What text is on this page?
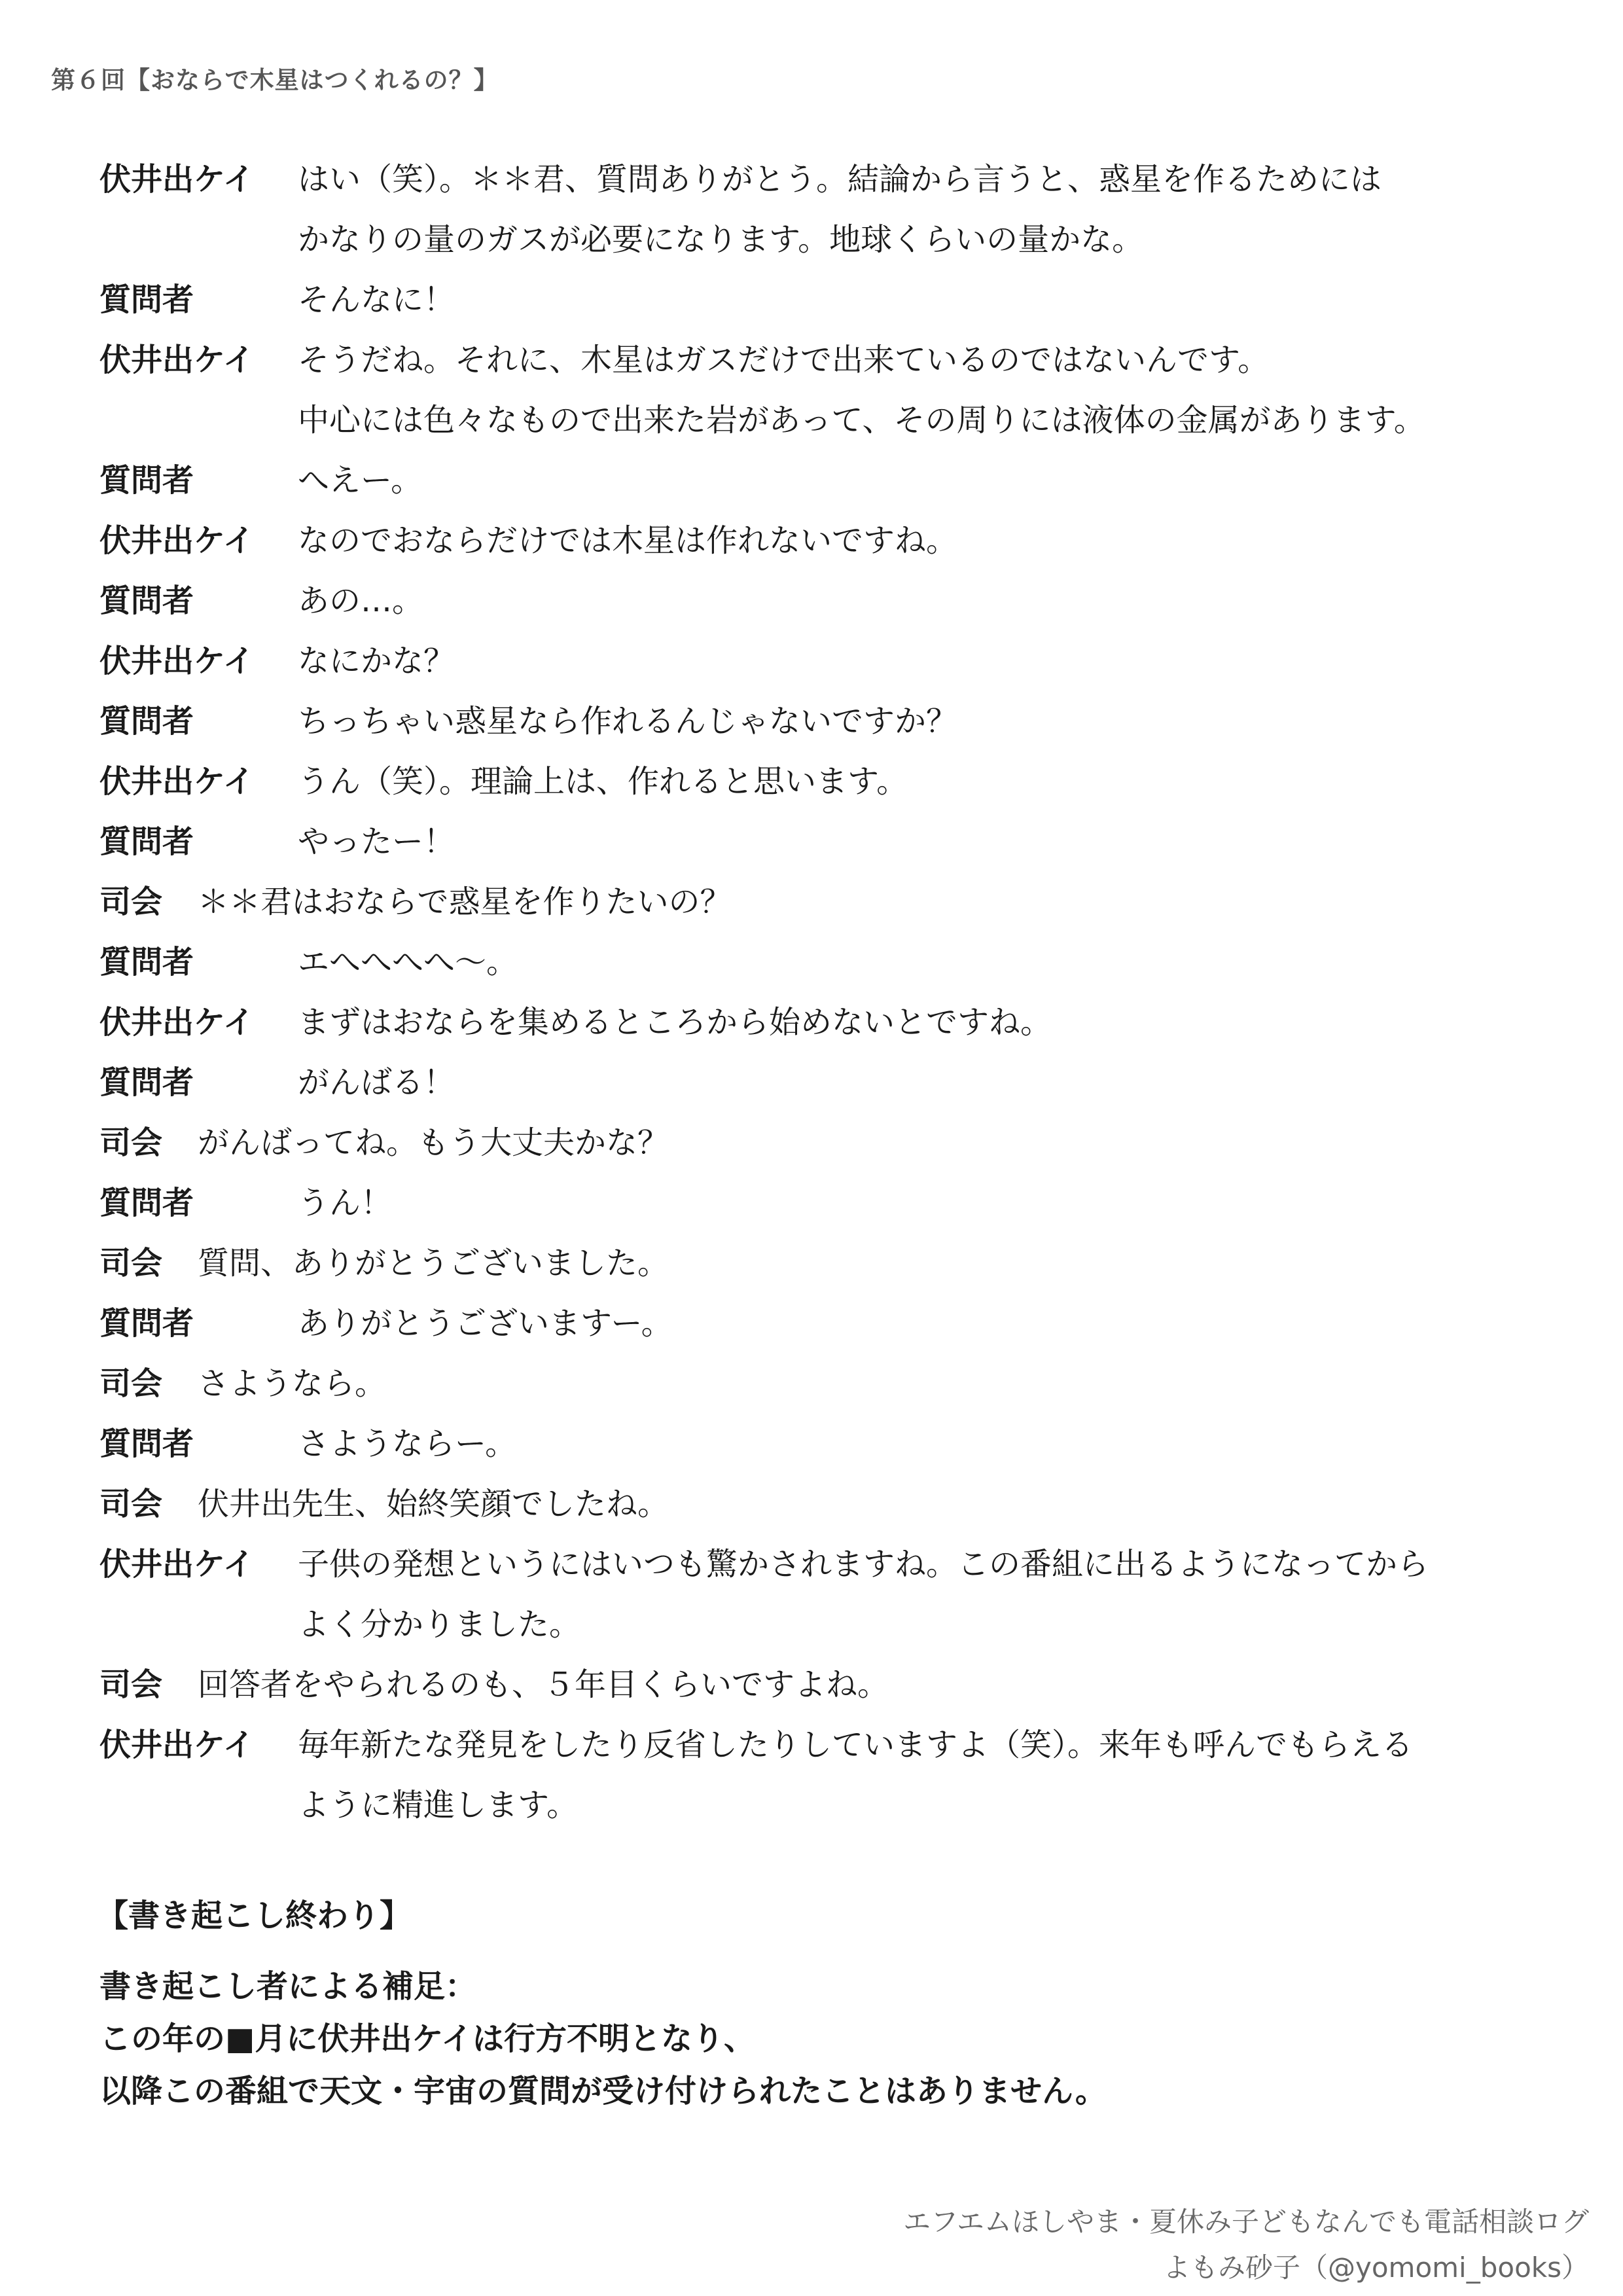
第６回【おならで木星はつくれるの？】
伏井出ケイ	はい（笑）。＊＊君、質問ありがとう。結論から言うと、惑星を作るためには
かなりの量のガスが必要になります。地球くらいの量かな。
質問者	そんなに！
伏井出ケイ	そうだね。それに、木星はガスだけで出来ているのではないんです。
中心には色々なもので出来た岩があって、その周りには液体の金属があります。
質問者	へえー。
伏井出ケイ	なのでおならだけでは木星は作れないですね。
質問者	あの…。
伏井出ケイ	なにかな？
質問者	ちっちゃい惑星なら作れるんじゃないですか？
伏井出ケイ	うん（笑）。理論上は、作れると思います。
質問者	やったー！
司会	＊＊君はおならで惑星を作りたいの？
質問者	エへへへへ〜。
伏井出ケイ	まずはおならを集めるところから始めないとですね。
質問者	がんばる！
司会	がんばってね。もう大丈夫かな？
質問者	うん！
司会	質問、ありがとうございました。
質問者	ありがとうございますー。
司会	さようなら。
質問者	さようならー。
司会	伏井出先生、始終笑顔でしたね。
伏井出ケイ	子供の発想というにはいつも驚かされますね。この番組に出るようになってから
よく分かりました。
司会	回答者をやられるのも、５年目くらいですよね。
伏井出ケイ	毎年新たな発見をしたり反省したりしていますよ（笑）。来年も呼んでもらえる
ように精進します。
【書き起こし終わり】
書き起こし者による補足：
この年の■月に伏井出ケイは行方不明となり、
以降この番組で天文・宇宙の質問が受け付けられたことはありません。
エフエムほしやま・夏休み子どもなんでも電話相談ログ
よもみ砂子（@yomomi_books）
